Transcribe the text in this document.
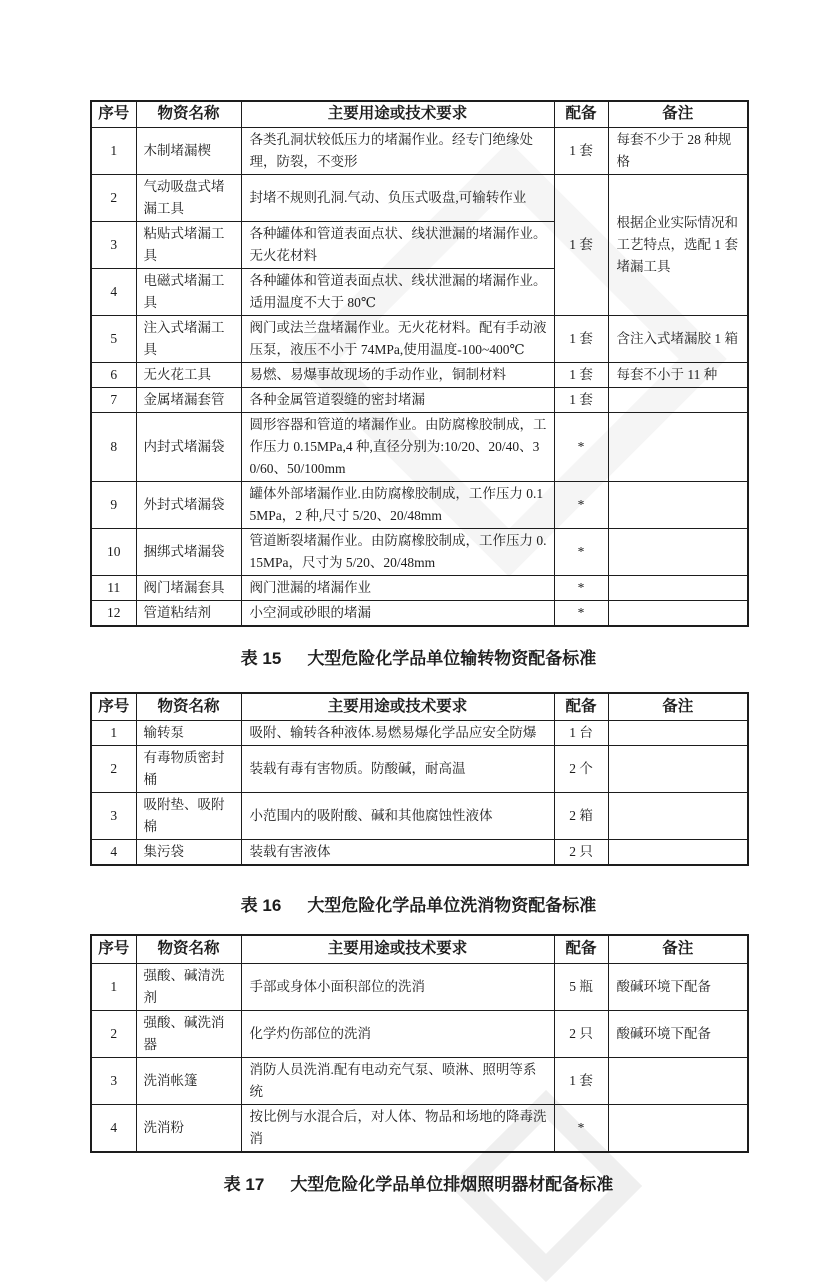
序号	物资名称	主要用途或技术要求	配备	备注
1	木制堵漏楔	各类孔洞状较低压力的堵漏作业。经专门绝缘处理，防裂，不变形	1 套	每套不少于 28 种规格
2	气动吸盘式堵漏工具	封堵不规则孔洞.气动、负压式吸盘,可输转作业	1 套	根据企业实际情况和工艺特点，选配 1 套堵漏工具
3	粘贴式堵漏工具	各种罐体和管道表面点状、线状泄漏的堵漏作业。无火花材料		
4	电磁式堵漏工具	各种罐体和管道表面点状、线状泄漏的堵漏作业。适用温度不大于 80℃		
5	注入式堵漏工具	阀门或法兰盘堵漏作业。无火花材料。配有手动液压泵，液压不小于 74MPa,使用温度-100~400℃	1 套	含注入式堵漏胶 1 箱
6	无火花工具	易燃、易爆事故现场的手动作业，铜制材料	1 套	每套不小于 11 种
7	金属堵漏套管	各种金属管道裂缝的密封堵漏	1 套	
8	内封式堵漏袋	圆形容器和管道的堵漏作业。由防腐橡胶制成，工作压力 0.15MPa,4 种,直径分别为:10/20、20/40、30/60、50/100mm	*	
9	外封式堵漏袋	罐体外部堵漏作业.由防腐橡胶制成，工作压力 0.15MPa，2 种,尺寸 5/20、20/48mm	*	
10	捆绑式堵漏袋	管道断裂堵漏作业。由防腐橡胶制成，工作压力 0.15MPa，尺寸为 5/20、20/48mm	*	
11	阀门堵漏套具	阀门泄漏的堵漏作业	*	
12	管道粘结剂	小空洞或砂眼的堵漏	*	
表 15 大型危险化学品单位输转物资配备标准
序号	物资名称	主要用途或技术要求	配备	备注
1	输转泵	吸附、输转各种液体.易燃易爆化学品应安全防爆	1 台	
2	有毒物质密封桶	装载有毒有害物质。防酸碱，耐高温	2 个	
3	吸附垫、吸附棉	小范围内的吸附酸、碱和其他腐蚀性液体	2 箱	
4	集污袋	装载有害液体	2 只	
表 16 大型危险化学品单位洗消物资配备标准
序号	物资名称	主要用途或技术要求	配备	备注
1	强酸、碱清洗剂	手部或身体小面积部位的洗消	5 瓶	酸碱环境下配备
2	强酸、碱洗消器	化学灼伤部位的洗消	2 只	酸碱环境下配备
3	洗消帐篷	消防人员洗消.配有电动充气泵、喷淋、照明等系统	1 套	
4	洗消粉	按比例与水混合后，对人体、物品和场地的降毒洗消	*	
表 17 大型危险化学品单位排烟照明器材配备标准
